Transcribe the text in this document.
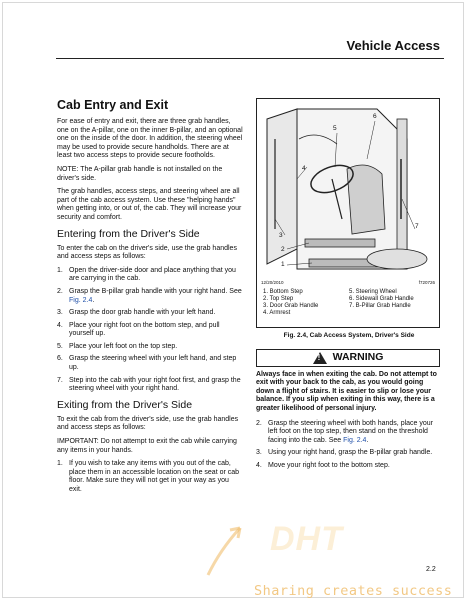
Vehicle Access
Cab Entry and Exit

For ease of entry and exit, there are three grab handles, one on the A-pillar, one on the inner B-pillar, and an optional one on the inside of the door. In addition, the steering wheel may be used to provide secure handholds. There are at least two access steps to provide secure footholds.

NOTE: The A-pillar grab handle is not installed on the driver's side.

The grab handles, access steps, and steering wheel are all part of the cab access system. Use these "helping hands" when getting into, or out of, the cab. They will increase your security and comfort.

Entering from the Driver's Side

To enter the cab on the driver's side, use the grab handles and access steps as follows:

1. Open the driver-side door and place anything that you are carrying in the cab.
2. Grasp the B-pillar grab handle with your right hand. See Fig. 2.4.
3. Grasp the door grab handle with your left hand.
4. Place your right foot on the bottom step, and pull yourself up.
5. Place your left foot on the top step.
6. Grasp the steering wheel with your left hand, and step up.
7. Step into the cab with your right foot first, and grasp the steering wheel with your right hand.
Exiting from the Driver's Side

To exit the cab from the driver's side, use the grab handles and access steps as follows:

IMPORTANT: Do not attempt to exit the cab while carrying any items in your hands.

1. If you wish to take any items with you out of the cab, place them in an accessible location on the seat or cab floor. Make sure they will not get in your way as you exit.
1
2
3
4
5
6
7
12/20/2010	f720726
1. Bottom Step	5. Steering Wheel
2. Top Step	6. Sidewall Grab Handle
3. Door Grab Handle	7. B-Pillar Grab Handle
4. Armrest
Fig. 2.4, Cab Access System, Driver's Side
! WARNING

Always face in when exiting the cab. Do not attempt to exit with your back to the cab, as you would going down a flight of stairs. It is easier to slip or lose your balance. If you slip when exiting in this way, there is a greater likelihood of personal injury.

2. Grasp the steering wheel with both hands, place your left foot on the top step, then stand on the threshold facing into the cab. See Fig. 2.4.
3. Using your right hand, grasp the B-pillar grab handle.
4. Move your right foot to the bottom step.
2.2
DHT
Sharing creates success
